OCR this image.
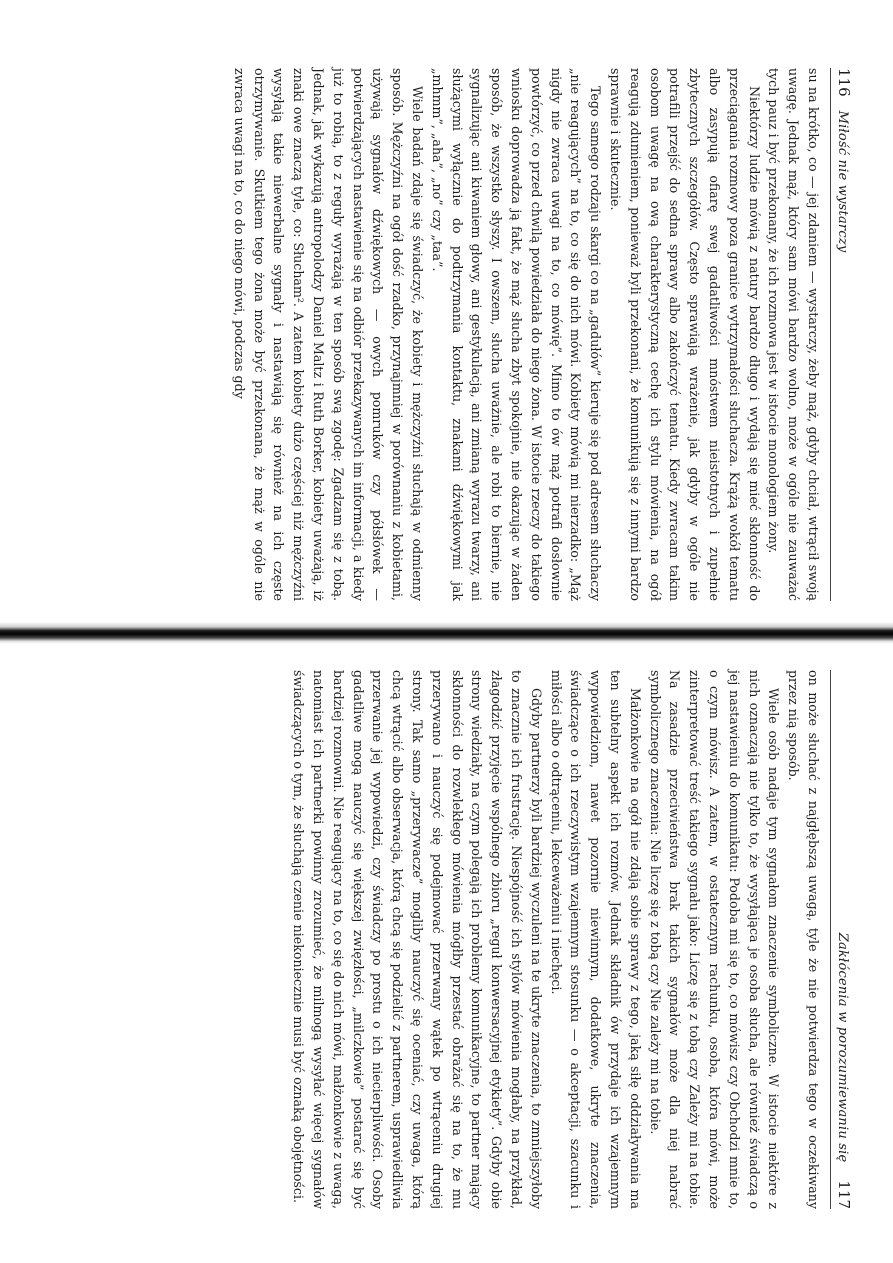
116
Miłość nie wystarczy

su na krótko, co — jej zdaniem — wystarczy, żeby mąż, gdyby chciał, wtrącił swoją uwagę. Jednak mąż, który sam mówi bardzo wolno, może w ogóle nie zauważać tych pauz i być przekonany, że ich rozmowa jest w istocie monologiem żony.

Niektórzy ludzie mówią z natury bardzo długo i wydają się mieć skłonność do przeciągania rozmowy poza granice wytrzymałości słuchacza. Krążą wokół tematu albo zasypują ofiarę swej gadatliwości mnóstwem nieistotnych i zupełnie zbytecznych szczegółów. Często sprawiają wrażenie, jak gdyby w ogóle nie potrafili przejść do sedna sprawy albo zakończyć tematu. Kiedy zwracam takim osobom uwagę na ową charakterystyczną cechę ich stylu mówienia, na ogół reagują zdumieniem, ponieważ byli przekonani, że komunikują się z innymi bardzo sprawnie i skutecznie.

Tego samego rodzaju skargi co na „gadułów” kieruje się pod adresem słuchaczy „nie reagujących” na to, co się do nich mówi. Kobiety mówią mi nierzadko: „Mąż nigdy nie zwraca uwagi na to, co mówię”. Mimo to ów mąż potrafi dosłownie powtórzyć, co przed chwilą powiedziała do niego żona. W istocie rzeczy do takiego wniosku doprowadza ją fakt, że mąż słucha zbyt spokojnie, nie okazując w żaden sposób, że wszystko słyszy. I owszem, słucha uważnie, ale robi to biernie, nie sygnalizując ani kiwaniem głowy, ani gestykulacją, ani zmianą wyrazu twarzy, ani służącymi wyłącznie do podtrzymania kontaktu, znakami dźwiękowymi jak „mhmm”, „aha”, „no” czy „taa”.

Wiele badań zdaje się świadczyć, że kobiety i mężczyźni słuchają w odmienny sposób. Mężczyźni na ogół dość rzadko, przynajmniej w porównaniu z kobietami, używają sygnałów dźwiękowych — owych pomruków czy półsłówek — potwierdzających nastawienie się na odbiór przekazywanych im informacji, a kiedy już to robią, to z reguły wyrażają w ten sposób swą zgodę: Zgadzam się z tobą. Jednak, jak wykazują antropolodzy Daniel Maltz i Ruth Borker, kobiety uważają, iż znaki owe znaczą tyle, co: Słucham². A zatem kobiety dużo częściej niż mężczyźni wysyłają takie niewerbalne sygnały i nastawiają się również na ich częste otrzymywanie. Skutkiem tego żona może być przekonana, że mąż w ogóle nie zwraca uwagi na to, co do niego mówi, podczas gdy

Zakłócenia w porozumiewaniu się
117

on może słuchać z najgłębszą uwagą, tyle że nie potwierdza tego w oczekiwany przez nią sposób.

Wiele osób nadaje tym sygnałom znaczenie symboliczne. W istocie niektóre z nich oznaczają nie tylko to, że wysyłająca je osoba słucha, ale również świadczą o jej nastawieniu do komunikatu: Podoba mi się to, co mówisz czy Obchodzi mnie to, o czym mówisz. A zatem, w ostatecznym rachunku, osoba, która mówi, może zinterpretować treść takiego sygnału jako: Liczę się z tobą czy Zależy mi na tobie. Na zasadzie przeciwieństwa brak takich sygnałów może dla niej nabrać symbolicznego znaczenia: Nie liczę się z tobą czy Nie zależy mi na tobie.

Małżonkowie na ogół nie zdają sobie sprawy z tego, jaką siłę oddziaływania ma ten subtelny aspekt ich rozmów. Jednak składnik ów przydaje ich wzajemnym wypowiedziom, nawet pozornie niewinnym, dodatkowe, ukryte znaczenia, świadczące o ich rzeczywistym wzajemnym stosunku — o akceptacji, szacunku i miłości albo o odtrąceniu, lekceważeniu i niechęci.

Gdyby partnerzy byli bardziej wyczuleni na te ukryte znaczenia, to zmniejszyłoby to znacznie ich frustrację. Niespójność ich stylów mówienia mogłaby, na przykład, złagodzić przyjęcie wspólnego zbioru „reguł konwersacyjnej etykiety”. Gdyby obie strony wiedziały, na czym polegają ich problemy komunikacyjne, to partner mający skłonności do rozwlekłego mówienia mógłby przestać obrażać się na to, że mu przerywano i nauczyć się podejmować przerwany wątek po wtrąceniu drugiej strony. Tak samo „przerywacze” mogliby nauczyć się oceniać, czy uwaga, którą chcą wtrącić albo obserwacja, którą chcą się podzielić z partnerem, usprawiedliwia przerwanie jej wypowiedzi, czy świadczy po prostu o ich niecierpliwości. Osoby gadatliwe mogą nauczyć się większej zwięzłości, „milczkowie” postarać się być bardziej rozmowni. Nie reagujący na to, co się do nich mówi, małżonkowie z uwagą, natomiast ich partnerki powinny zrozumieć, że milmogą wysyłać więcej sygnałów świadczących o tym, że słuchają czenie niekoniecznie musi być oznaką obojętności.
